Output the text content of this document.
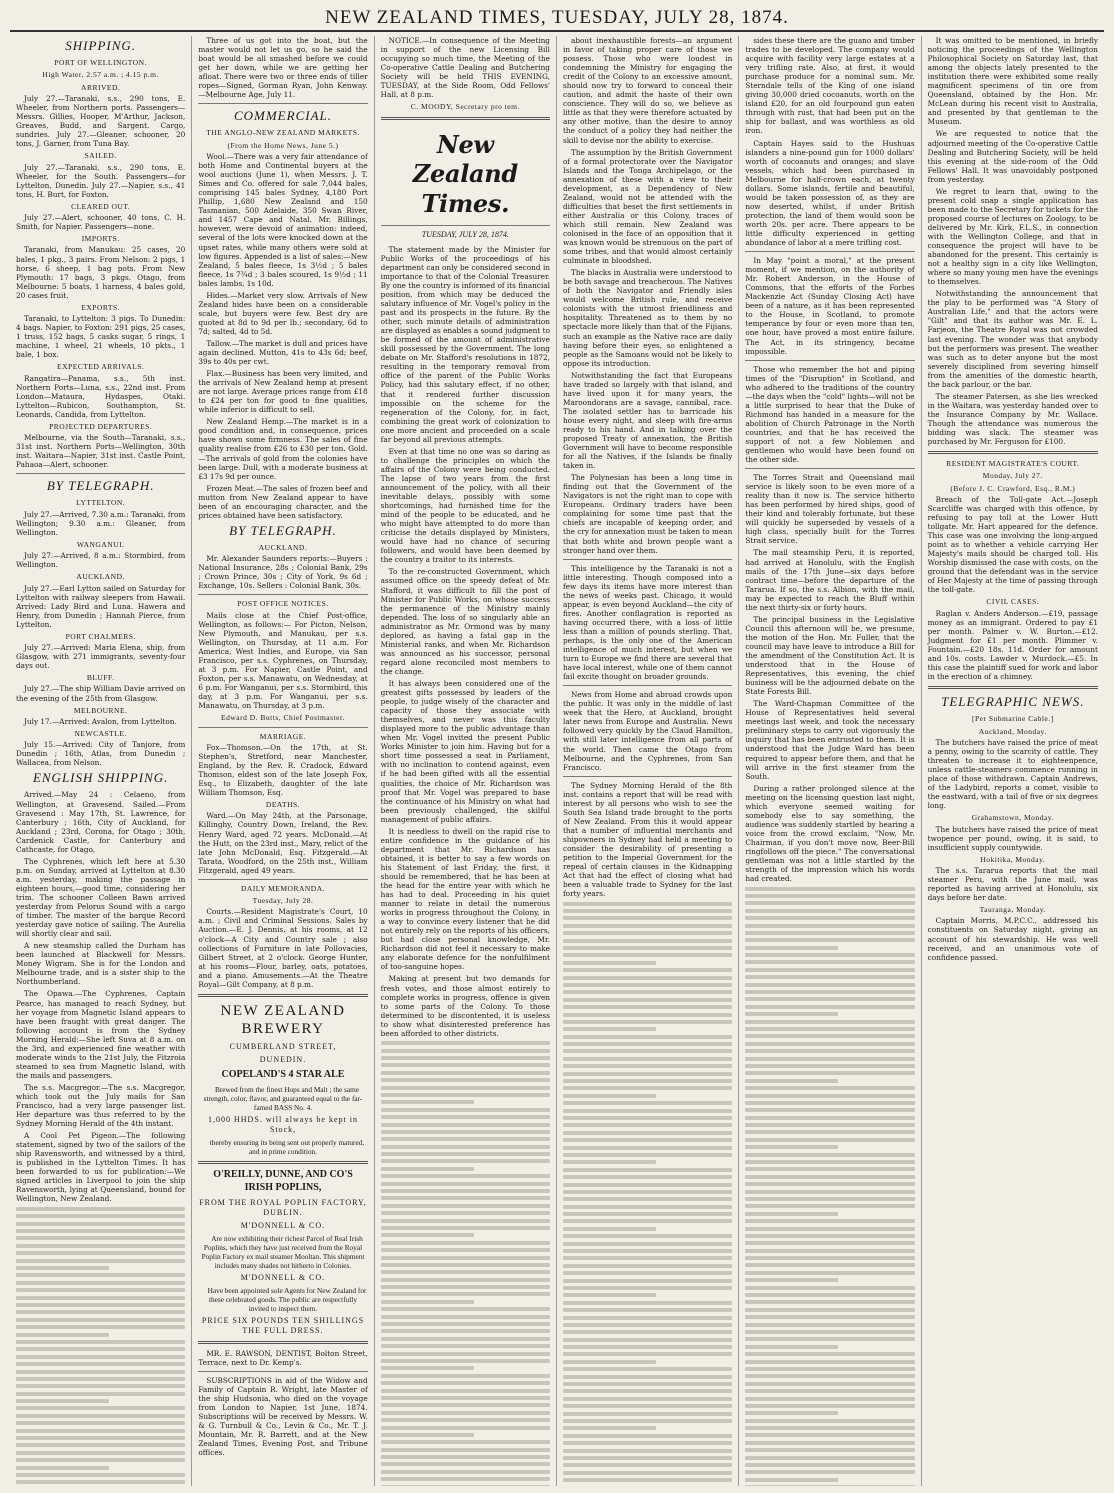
NEW ZEALAND TIMES, TUESDAY, JULY 28, 1874.
SHIPPING.
PORT OF WELLINGTON.
High Water, 2.57 a.m. ; 4.15 p.m.
ARRIVED.

July 27.—Taranaki, s.s., 290 tons, E. Wheeler, from Northern ports. Passengers—Messrs. Gillies, Hooper, M'Arthur, Jackson, Greaves, Budd, and Sargent. Cargo, sundries. July 27.—Gleaner, schooner, 20 tons, J. Garner, from Tuna Bay.

SAILED.

July 27.—Taranaki, s.s., 290 tons, E. Wheeler, for the South. Passengers—for Lyttelton, Dunedin. July 27.—Napier, s.s., 41 tons, H. Burt, for Foxton.

CLEARED OUT.

July 27.—Alert, schooner, 40 tons, C. H. Smith, for Napier. Passengers—none.

IMPORTS.

Taranaki, from Manukau: 25 cases, 20 bales, 1 pkg., 3 pairs. From Nelson: 2 pigs, 1 horse, 6 sheep, 1 bag pots. From New Plymouth: 17 bags, 3 pkgs. Otago, from Melbourne: 5 boats, 1 harness, 4 bales gold, 20 cases fruit.

EXPORTS.

Taranaki, to Lyttelton: 3 pigs. To Dunedin: 4 bags. Napier, to Foxton: 291 pigs, 25 cases, 1 truss, 152 bags, 5 casks sugar, 5 rings, 1 machine, 1 wheel, 21 wheels, 10 pkts., 1 bale, 1 box.

EXPECTED ARRIVALS.

Rangatira—Panama, s.s., 5th inst. Northern Ports—Luna, s.s., 22nd inst. From London—Mataura, Hydaspes, Otaki. Lyttelton—Rubicon, Southampton, St. Leonards, Candida, from Lyttelton.

PROJECTED DEPARTURES.

Melbourne, via the South—Taranaki, s.s., 31st inst. Northern Ports—Wellington, 30th inst. Waitara—Napier, 31st inst. Castle Point, Pahaoa—Alert, schooner.

BY TELEGRAPH.
LYTTELTON.

July 27.—Arrived, 7.30 a.m.: Taranaki, from Wellington; 9.30 a.m.: Gleaner, from Wellington.

WANGANUI.

July 27.—Arrived, 8 a.m.: Stormbird, from Wellington.

AUCKLAND.

July 27.—Earl Lytton sailed on Saturday for Lyttelton with railway sleepers from Hawaii. Arrived: Lady Bird and Luna. Hawera and Henry, from Dunedin ; Hannah Pierce, from Lyttelton.

PORT CHALMERS.

July 27.—Arrived: Maria Elena, ship, from Glasgow, with 271 immigrants, seventy-four days out.

BLUFF.

July 27.—The ship William Davie arrived on the evening of the 25th from Glasgow.

MELBOURNE.

July 17.—Arrived: Avalon, from Lyttelton.

NEWCASTLE.

July 15.—Arrived: City of Tanjore, from Dunedin ; 16th, Atlas, from Dunedin ; Wallacea, from Nelson.

ENGLISH SHIPPING.

Arrived.—May 24 : Celaeno, from Wellington, at Gravesend. Sailed.—From Gravesend : May 17th, St. Lawrence, for Canterbury ; 16th, City of Auckland, for Auckland ; 23rd, Corona, for Otago ; 30th, Cardenick Castle, for Canterbury and Cathcaste, for Otago.

The Cyphrenes, which left here at 5.30 p.m. on Sunday, arrived at Lyttelton at 8.30 a.m. yesterday, making the passage in eighteen hours,—good time, considering her trim. The schooner Colleen Bawn arrived yesterday from Pelorus Sound with a cargo of timber. The master of the barque Record yesterday gave notice of sailing. The Aurelia will shortly clear and sail.

A new steamship called the Durham has been launched at Blackwell for Messrs. Money Wigram. She is for the London and Melbourne trade, and is a sister ship to the Northumberland.

The Opawa.—The Cyphrenes, Captain Pearce, has managed to reach Sydney, but her voyage from Magnetic Island appears to have been fraught with great danger. The following account is from the Sydney Morning Herald:—She left Suva at 8 a.m. on the 3rd, and experienced fine weather with moderate winds to the 21st July, the Fitzroia steamed to sea from Magnetic Island, with the mails and passengers.

The s.s. Macgregor.—The s.s. Macgregor, which took out the July mails for San Francisco, had a very large passenger list. Her departure was thus referred to by the Sydney Morning Herald of the 4th instant.

A Cool Pet Pigeon.—The following statement, signed by two of the sailors of the ship Ravensworth, and witnessed by a third, is published in the Lyttelton Times. It has been forwarded to us for publication:—We signed articles in Liverpool to join the ship Ravensworth, lying at Queensland, bound for Wellington, New Zealand.

Three of us got into the boat, but the master would not let us go, so he said the boat would be all smashed before we could get her down, while we are getting her afloat. There were two or three ends of tiller ropes—Signed, Gorman Ryan, John Kenway.—Melbourne Age, July 11.

COMMERCIAL.
THE ANGLO-NEW ZEALAND MARKETS.
(From the Home News, June 5.)

Wool.—There was a very fair attendance of both Home and Continental buyers at the wool auctions (June 1), when Messrs. J. T. Simes and Co. offered for sale 7,044 bales, comprising 145 bales Sydney, 4,180 Port Phillip, 1,680 New Zealand and 150 Tasmanian, 500 Adelaide, 350 Swan River, and 1457 Cape and Natal. Mr. Billings, however, were devoid of animation: indeed, several of the lots were knocked down at the upset rates, while many others were sold at low figures. Appended is a list of sales:—New Zealand, 5 bales fleece, 1s 3½d ; 5 bales fleece, 1s 7¾d ; 3 bales scoured, 1s 9½d ; 11 bales lambs, 1s 10d.

Hides.—Market very slow. Arrivals of New Zealand hides have been on a considerable scale, but buyers were few. Best dry are quoted at 8d to 9d per lb.; secondary, 6d to 7d; salted, 4d to 5d.

Tallow.—The market is dull and prices have again declined. Mutton, 41s to 43s 6d; beef, 39s to 40s per cwt.

Flax.—Business has been very limited, and the arrivals of New Zealand hemp at present are not large. Average prices range from £18 to £24 per ton for good to fine qualities, while inferior is difficult to sell.

New Zealand Hemp.—The market is in a good condition and, in consequence, prices have shown some firmness. The sales of fine quality realise from £26 to £30 per ton. Gold.—The arrivals of gold from the colonies have been large. Dull, with a moderate business at £3 17s 9d per ounce.

Frozen Meat.—The sales of frozen beef and mutton from New Zealand appear to have been of an encouraging character, and the prices obtained have been satisfactory.

BY TELEGRAPH.
AUCKLAND.

Mr. Alexander Saunders reports:—Buyers : National Insurance, 28s ; Colonial Bank, 29s ; Crown Prince, 30s ; City of York, 9s 6d ; Exchange, 10s. Sellers : Colonial Bank, 30s.

POST OFFICE NOTICES.

Mails close at the Chief Post-office, Wellington, as follows:— For Picton, Nelson, New Plymouth, and Manukau, per s.s. Wellington, on Thursday, at 11 a.m. For America, West Indies, and Europe, via San Francisco, per s.s. Cyphrenes, on Thursday, at 3 p.m. For Napier, Castle Point, and Foxton, per s.s. Manawatu, on Wednesday, at 6 p.m. For Wanganui, per s.s. Stormbird, this day, at 3 p.m. For Wanganui, per s.s. Manawatu, on Thursday, at 3 p.m.

Edward D. Butts, Chief Postmaster.
MARRIAGE.

Fox—Thomson.—On the 17th, at St. Stephen's, Stretford, near Manchester, England, by the Rev. R. Cradock, Edward Thomson, eldest son of the late Joseph Fox, Esq., to Elizabeth, daughter of the late William Thomson, Esq.

DEATHS.

Ward.—On May 24th, at the Parsonage, Killinghy, Country Down, Ireland, the Rev. Henry Ward, aged 72 years. McDonald.—At the Hutt, on the 23rd inst., Mary, relict of the late John McDonald, Esq. Fitzgerald.—At Tarata, Woodford, on the 25th inst., William Fitzgerald, aged 49 years.

DAILY MEMORANDA.
Tuesday, July 28.

Courts.—Resident Magistrate's Court, 10 a.m. ; Civil and Criminal Sessions. Sales by Auction.—E. J. Dennis, at his rooms, at 12 o'clock—A City and Country sale ; also collections of Furniture in late Pollovacies, Gilbert Street, at 2 o'clock. George Hunter, at his rooms—Flour, barley, oats, potatoes, and a piano. Amusements.—At the Theatre Royal—Gilt Company, at 8 p.m.

NEW ZEALAND BREWERY
CUMBERLAND STREET,
DUNEDIN.
COPELAND'S 4 STAR ALE

Brewed from the finest Hops and Malt ; the same strength, color, flavor, and guaranteed equal to the far-famed BASS No. 4.

1,000 HHDS. will always be kept in Stock,

thereby ensuring its being sent out properly matured, and in prime condition.

O'REILLY, DUNNE, AND CO'S IRISH POPLINS,
FROM THE ROYAL POPLIN FACTORY, DUBLIN.
M'DONNELL & CO.

Are now exhibiting their richest Parcel of Real Irish Poplins, which they have just received from the Royal Poplin Factory ex mail steamer Mooltan. This shipment includes many shades not hitherto in Colonies.

M'DONNELL & CO.

Have been appointed sole Agents for New Zealand for these celebrated goods. The public are respectfully invited to inspect them.

PRICE SIX POUNDS TEN SHILLINGS THE FULL DRESS.

MR. E. RAWSON, DENTIST, Bolton Street, Terrace, next to Dr. Kemp's.

SUBSCRIPTIONS in aid of the Widow and Family of Captain R. Wright, late Master of the ship Hudsonia, who died on the voyage from London to Napier, 1st June, 1874. Subscriptions will be received by Messrs. W. & G. Turnbull & Co., Levin & Co., Mr. T. J. Mountain, Mr. R. Barrett, and at the New Zealand Times, Evening Post, and Tribune offices.

NOTICE.—In consequence of the Meeting in support of the new Licensing Bill occupying so much time, the Meeting of the Co-operative Cattle Dealing and Butchering Society will be held THIS EVENING, TUESDAY, at the Side Room, Odd Fellows' Hall, at 8 p.m.

C. MOODY, Secretary pro tem.
New Zealand Times.
TUESDAY, JULY 28, 1874.

The statement made by the Minister for Public Works of the proceedings of his department can only be considered second in importance to that of the Colonial Treasurer. By one the country is informed of its financial position, from which may be deduced the salutary influence of Mr. Vogel's policy in the past and its prospects in the future. By the other, such minute details of administration are displayed as enables a sound judgment to be formed of the amount of administrative skill possessed by the Government. The long debate on Mr. Stafford's resolutions in 1872, resulting in the temporary removal from office of the parent of the Public Works Policy, had this salutary effect, if no other, that it rendered further discussion impossible on the scheme for the regeneration of the Colony, for, in fact, combining the great work of colonization to one more ancient and proceeded on a scale far beyond all previous attempts.

Even at that time no one was so daring as to challenge the principles on which the affairs of the Colony were being conducted. The lapse of two years from the first announcement of the policy, with all their inevitable delays, possibly with some shortcomings, had furnished time for the mind of the people to be educated, and he who might have attempted to do more than criticise the details displayed by Ministers, would have had no chance of securing followers, and would have been deemed by the country a traitor to its interests.

To the re-constructed Government, which assumed office on the speedy defeat of Mr. Stafford, it was difficult to fill the post of Minister for Public Works, on whose success the permanence of the Ministry mainly depended. The loss of so singularly able an administrator as Mr. Ormond was by many deplored, as having a fatal gap in the Ministerial ranks, and when Mr. Richardson was announced as his successor, personal regard alone reconciled most members to the change.

It has always been considered one of the greatest gifts possessed by leaders of the people, to judge wisely of the character and capacity of those they associate with themselves, and never was this faculty displayed more to the public advantage than when Mr. Vogel invited the present Public Works Minister to join him. Having but for a short time possessed a seat in Parliament, with no inclination to contend against, even if he had been gifted with all the essential qualities, the choice of Mr. Richardson was proof that Mr. Vogel was prepared to base the continuance of his Ministry on what had been previously challenged, the skilful management of public affairs.

It is needless to dwell on the rapid rise to entire confidence in the guidance of his department that Mr. Richardson has obtained, it is better to say a few words on his Statement of last Friday, the first, it should be remembered, that he has been at the head for the entire year with which he has had to deal. Proceeding in his quiet manner to relate in detail the numerous works in progress throughout the Colony, in a way to convince every listener that he did not entirely rely on the reports of his officers, but had close personal knowledge, Mr. Richardson did not feel it necessary to make any elaborate defence for the nonfulfilment of too-sanguine hopes.

Making at present but two demands for fresh votes, and those almost entirely to complete works in progress, offence is given to some parts of the Colony. To those determined to be discontented, it is useless to show what disinterested preference has been afforded to other districts.

about inexhaustible forests—an argument in favor of taking proper care of those we possess. Those who were loudest in condemning the Ministry for engaging the credit of the Colony to an excessive amount, should now try to forward to conceal their caution, and admit the haste of their own conscience. They will do so, we believe as little as that they were therefore actuated by any other motive, than the desire to annoy the conduct of a policy they had neither the skill to devise nor the ability to exercise.

The assumption by the British Government of a formal protectorate over the Navigator Islands and the Tonga Archipelago, or the annexation of these with a view to their development, as a Dependency of New Zealand, would not be attended with the difficulties that beset the first settlements in either Australia or this Colony, traces of which still remain. New Zealand was colonised in the face of an opposition that it was known would be strenuous on the part of some tribes, and that would almost certainly culminate in bloodshed.

The blacks in Australia were understood to be both savage and treacherous. The Natives of both the Navigator and Friendly isles would welcome British rule, and receive colonists with the utmost friendliness and hospitality. Threatened as to them by no spectacle more likely than that of the Fijians, such an example as the Native race are daily having before their eyes, so enlightened a people as the Samoans would not be likely to oppose its introduction.

Notwithstanding the fact that Europeans have traded so largely with that island, and have lived upon it for many years, the Maroondorans are a savage, cannibal, race. The isolated settler has to barricade his house every night, and sleep with fire-arms ready to his hand. And in talking over the proposed Treaty of annexation, the British Government will have to become responsible for all the Natives, if the Islands be finally taken in.

The Polynesian has been a long time in finding out that the Government of the Navigators is not the right man to cope with Europeans. Ordinary traders have been complaining for some time past that the chiefs are incapable of keeping order, and the cry for annexation must be taken to mean that both white and brown people want a stronger hand over them.

This intelligence by the Taranaki is not a little interesting. Though composed into a few days its items have more interest than the news of weeks past. Chicago, it would appear, is even beyond Auckland—the city of fires. Another conflagration is reported as having occurred there, with a loss of little less than a million of pounds sterling. That, perhaps, is the only one of the American intelligence of much interest, but when we turn to Europe we find there are several that have local interest, while one of them cannot fail excite thought on broader grounds.

News from Home and abroad crowds upon the public. It was only in the middle of last week that the Hero, at Auckland, brought later news from Europe and Australia. News followed very quickly by the Claud Hamilton, with still later intelligence from all parts of the world. Then came the Otago from Melbourne, and the Cyphrenes, from San Francisco.

The Sydney Morning Herald of the 8th inst. contains a report that will be read with interest by all persons who wish to see the South Sea Island trade brought to the ports of New Zealand. From this it would appear that a number of influential merchants and shipowners in Sydney had held a meeting to consider the desirability of presenting a petition to the Imperial Government for the repeal of certain clauses in the Kidnapping Act that had the effect of closing what had been a valuable trade to Sydney for the last forty years.

sides these there are the guano and timber trades to be developed. The company would acquire with facility very large estates at a very trifling rate. Also, at first, it would purchase produce for a nominal sum. Mr. Sterndale tells of the King of one island giving 30,000 dried cocoanuts, worth on the island £20, for an old fourpound gun eaten through with rust, that had been put on the ship for ballast, and was worthless as old iron.

Captain Hayes said to the Hushuas islanders a nine-pound gun for 1000 dollars' worth of cocoanuts and oranges; and slave vessels, which had been purchased in Melbourne for half-crown each, at twenty dollars. Some islands, fertile and beautiful, would be taken possession of, as they are now deserted, whilst, if under British protection, the land of them would soon be worth 20s. per acre. There appears to be little difficulty experienced in getting abundance of labor at a mere trifling cost.

In May "point a moral," at the present moment, if we mention, on the authority of Mr. Robert Anderson, in the House of Commons, that the efforts of the Forbes Mackenzie Act (Sunday Closing Act) have been of a nature, as it has been represented to the House, in Scotland, to promote temperance by four or even more than ten, one hour, have proved a most entire failure. The Act, in its stringency, became impossible.

Those who remember the hot and piping times of the "Disruption" in Scotland, and who adhered to the traditions of the country—the days when the "cold" lights—will not be a little surprised to hear that the Duke of Richmond has handed in a measure for the abolition of Church Patronage in the North countries, and that he has received the support of not a few Noblemen and gentlemen who would have been found on the other side.

The Torres Strait and Queensland mail service is likely soon to be even more of a reality than it now is. The service hitherto has been performed by hired ships, good of their kind and tolerably fortunate, but these will quickly be superseded by vessels of a high class, specially built for the Torres Strait service.

The mail steamship Peru, it is reported, had arrived at Honolulu, with the English mails of the 17th June—six days before contract time—before the departure of the Tararua. If so, the s.s. Albion, with the mail, may be expected to reach the Bluff within the next thirty-six or forty hours.

The principal business in the Legislative Council this afternoon will be, we presume, the motion of the Hon. Mr. Fuller, that the council may have leave to introduce a Bill for the amendment of the Constitution Act. It is understood that in the House of Representatives, this evening, the chief business will be the adjourned debate on the State Forests Bill.

The Ward-Chapman Committee of the House of Representatives held several meetings last week, and took the necessary preliminary steps to carry out vigorously the inquiry that has been entrusted to them. It is understood that the Judge Ward has been required to appear before them, and that he will arrive in the first steamer from the South.

During a rather prolonged silence at the meeting on the licensing question last night, which everyone seemed waiting for somebody else to say something, the audience was suddenly startled by hearing a voice from the crowd exclaim, "Now, Mr. Chairman, if you don't move now, Beer-Bill ringfollows off the piece." The conversational gentleman was not a little startled by the strength of the impression which his words had created.

It was omitted to be mentioned, in briefly noticing the proceedings of the Wellington Philosophical Society on Saturday last, that among the objects lately presented to the institution there were exhibited some really magnificent specimens of tin ore from Queensland, obtained by the Hon. Mr. McLean during his recent visit to Australia, and presented by that gentleman to the Museum.

We are requested to notice that the adjourned meeting of the Co-operative Cattle Dealing and Butchering Society, will be held this evening at the side-room of the Odd Fellows' Hall. It was unavoidably postponed from yesterday.

We regret to learn that, owing to the present cold snap a single application has been made to the Secretary for tickets for the proposed course of lectures on Zoology, to be delivered by Mr. Kirk, F.L.S., in connection with the Wellington College, and that in consequence the project will have to be abandoned for the present. This certainly is not a healthy sign in a city like Wellington, where so many young men have the evenings to themselves.

Notwithstanding the announcement that the play to be performed was "A Story of Australian Life," and that the actors were "Gilt" and that its author was Mr. E. L. Farjeon, the Theatre Royal was not crowded last evening. The wonder was that anybody but the performers was present. The weather was such as to deter anyone but the most severely disciplined from severing himself from the amenities of the domestic hearth, the back parlour, or the bar.

The steamer Patersen, as she lies wrecked in the Waitara, was yesterday handed over to the Insurance Company by Mr. Wallace. Though the attendance was numerous the bidding was slack. The steamer was purchased by Mr. Ferguson for £100.

RESIDENT MAGISTRATE'S COURT.
Monday, July 27.
(Before J. C. Crawford, Esq., R.M.)

Breach of the Toll-gate Act.—Joseph Scarcliffe was charged with this offence, by refusing to pay toll at the Lower Hutt tollgate. Mr. Hart appeared for the defence. This case was one involving the long-argued point as to whether a vehicle carrying Her Majesty's mails should be charged toll. His Worship dismissed the case with costs, on the ground that the defendant was in the service of Her Majesty at the time of passing through the toll-gate.

CIVIL CASES.

Raglan v. Anders Anderson.—£19, passage money as an immigrant. Ordered to pay £1 per month. Palmer v. W. Burton.—£12. Judgment for £1 per month. Plimmer v. Fountain.—£20 18s. 11d. Order for amount and 10s. costs. Lawder v. Murdock.—£5. In this case the plaintiff sued for work and labor in the erection of a chimney.

TELEGRAPHIC NEWS.
[Per Submarine Cable.]
Auckland, Monday.

The butchers have raised the price of meat a penny, owing to the scarcity of cattle. They threaten to increase it to eighteenpence, unless cattle-steamers commence running in place of those withdrawn. Captain Andrews, of the Ladybird, reports a comet, visible to the eastward, with a tail of five or six degrees long.

Grahamstown, Monday.

The butchers have raised the price of meat twopence per pound, owing, it is said, to insufficient supply countywide.

Hokitika, Monday.

The s.s. Tararua reports that the mail steamer Peru, with the June mail, was reported as having arrived at Honolulu, six days before her date.

Tauranga, Monday.

Captain Morris, M.P.C.C., addressed his constituents on Saturday night, giving an account of his stewardship. He was well received, and an unanimous vote of confidence passed.
